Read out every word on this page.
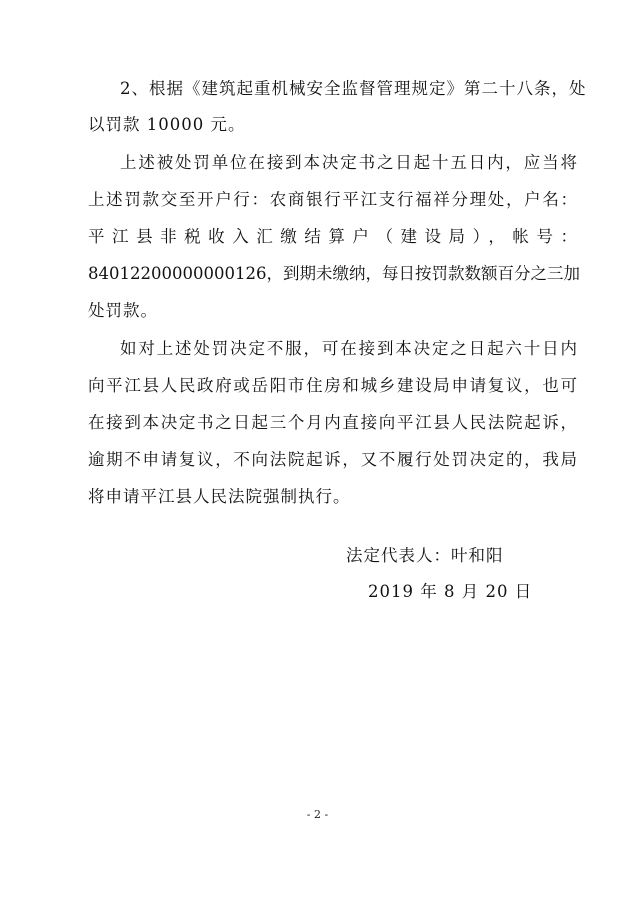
2、根据《建筑起重机械安全监督管理规定》第二十八条，处
以罚款 10000 元。
上述被处罚单位在接到本决定书之日起十五日内，应当将
上述罚款交至开户行：农商银行平江支行福祥分理处，户名：
平江县非税收入汇缴结算户（建设局），帐号：
84012200000000126，到期未缴纳，每日按罚款数额百分之三加
处罚款。
如对上述处罚决定不服，可在接到本决定之日起六十日内
向平江县人民政府或岳阳市住房和城乡建设局申请复议，也可
在接到本决定书之日起三个月内直接向平江县人民法院起诉，
逾期不申请复议，不向法院起诉，又不履行处罚决定的，我局
将申请平江县人民法院强制执行。
法定代表人：叶和阳
2019 年 8 月 20 日
- 2 -
